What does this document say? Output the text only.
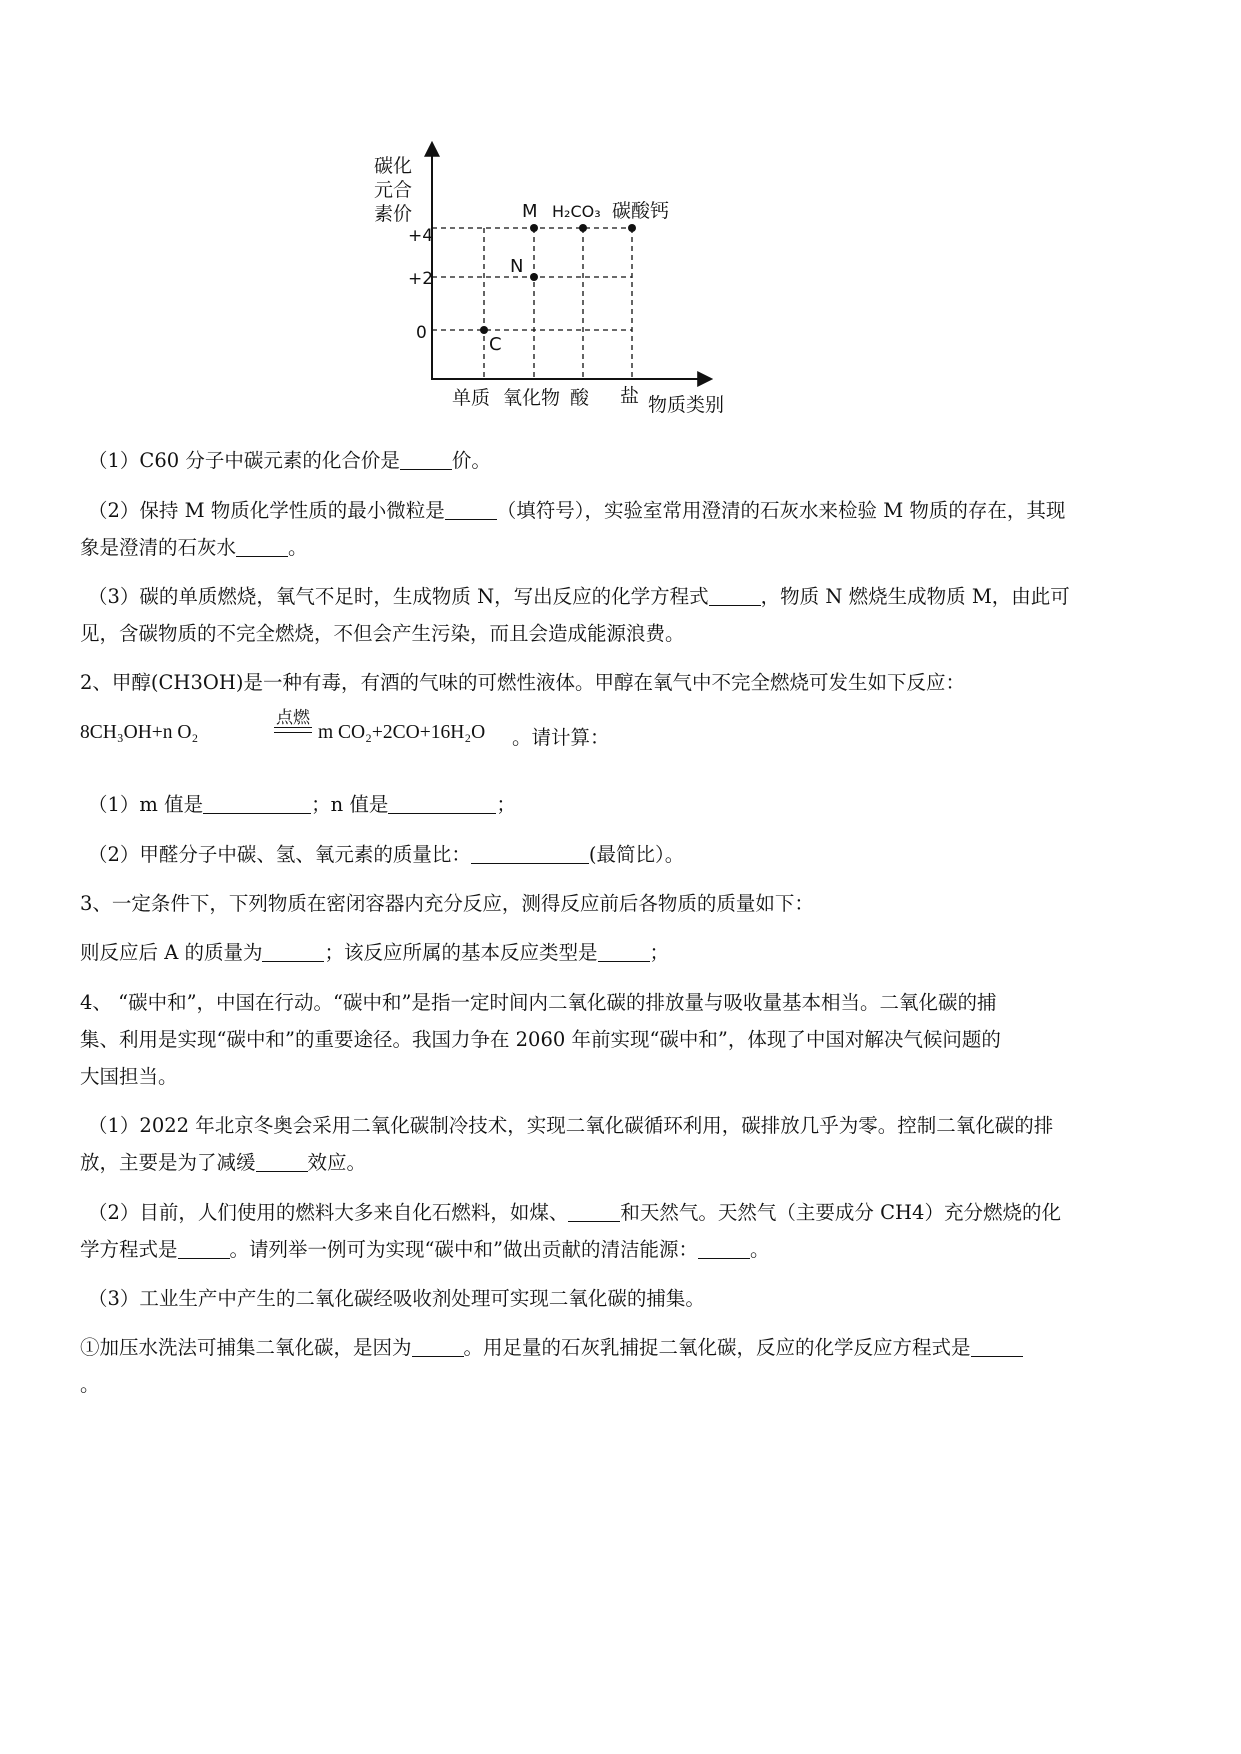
碳化
元合
素价
+4
+2
0
C
N
M H₂CO₃ 碳酸钙
单质 氧化物 酸 盐 物质类别
（1）C60 分子中碳元素的化合价是	价。
（2）保持 M 物质化学性质的最小微粒是	（填符号），实验室常用澄清的石灰水来检验 M 物质的存在，其现
象是澄清的石灰水	。
（3）碳的单质燃烧，氧气不足时，生成物质 N，写出反应的化学方程式	，物质 N 燃烧生成物质 M，由此可
见，含碳物质的不完全燃烧，不但会产生污染，而且会造成能源浪费。
2、甲醇(CH3OH)是一种有毒，有酒的气味的可燃性液体。甲醇在氧气中不完全燃烧可发生如下反应：
点燃
8CH₃OH+n O₂	m CO₂+2CO+16H₂O 。请计算：
（1）m 值是	；n 值是	；
（2）甲醛分子中碳、氢、氧元素的质量比：	(最简比）。
3、一定条件下，下列物质在密闭容器内充分反应，测得反应前后各物质的质量如下：
则反应后 A 的质量为	；该反应所属的基本反应类型是	；
4、 “碳中和”，中国在行动。“碳中和”是指一定时间内二氧化碳的排放量与吸收量基本相当。二氧化碳的捕
集、利用是实现“碳中和”的重要途径。我国力争在 2060 年前实现“碳中和”，体现了中国对解决气候问题的
大国担当。
（1）2022 年北京冬奥会采用二氧化碳制冷技术，实现二氧化碳循环利用，碳排放几乎为零。控制二氧化碳的排
放，主要是为了减缓	效应。
（2）目前，人们使用的燃料大多来自化石燃料，如煤、	和天然气。天然气（主要成分 CH4）充分燃烧的化
学方程式是	。请列举一例可为实现“碳中和”做出贡献的清洁能源：	。
（3）工业生产中产生的二氧化碳经吸收剂处理可实现二氧化碳的捕集。
①加压水洗法可捕集二氧化碳，是因为	。用足量的石灰乳捕捉二氧化碳，反应的化学反应方程式是
。
